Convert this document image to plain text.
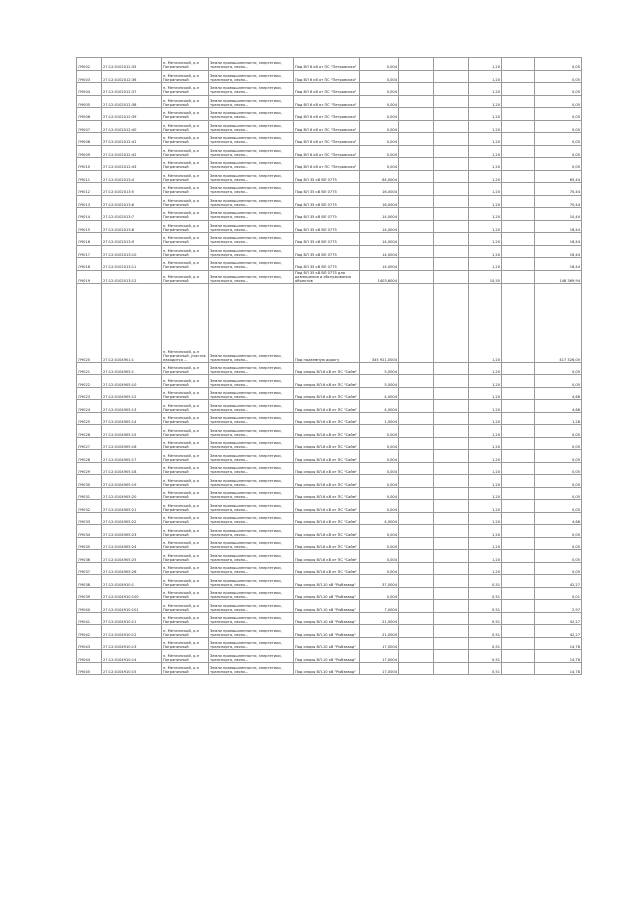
ЛЧ002	27:12:0102012:35	п. Метлинский, р-н Пограничный	Земли промышленности, энергетики, транспорта, связи...	Под ВЛ 6 кВ от ПС "Петровская"	0,004			1,20		0,05
ЛЧ003	27:12:0102012:36	п. Метлинский, р-н Пограничный	Земли промышленности, энергетики, транспорта, связи...	Под ВЛ 6 кВ от ПС "Петровская"	0,004			1,20		0,05
ЛЧ004	27:12:0102012:37	п. Метлинский, р-н Пограничный	Земли промышленности, энергетики, транспорта, связи...	Под ВЛ 6 кВ от ПС "Петровская"	0,004			1,20		0,05
ЛЧ005	27:12:0102012:38	п. Метлинский, р-н Пограничный	Земли промышленности, энергетики, транспорта, связи...	Под ВЛ 6 кВ от ПС "Петровская"	0,004			1,20		0,05
ЛЧ006	27:12:0102012:39	п. Метлинский, р-н Пограничный	Земли промышленности, энергетики, транспорта, связи...	Под ВЛ 6 кВ от ПС "Петровская"	0,004			1,20		0,05
ЛЧ007	27:12:0102012:40	п. Метлинский, р-н Пограничный	Земли промышленности, энергетики, транспорта, связи...	Под ВЛ 6 кВ от ПС "Петровская"	0,004			1,20		0,05
ЛЧ008	27:12:0102012:41	п. Метлинский, р-н Пограничный	Земли промышленности, энергетики, транспорта, связи...	Под ВЛ 6 кВ от ПС "Петровская"	0,004			1,20		0,05
ЛЧ009	27:12:0102012:42	п. Метлинский, р-н Пограничный	Земли промышленности, энергетики, транспорта, связи...	Под ВЛ 6 кВ от ПС "Петровская"	0,004			1,20		0,05
ЛЧ010	27:12:0102012:43	п. Метлинский, р-н Пограничный	Земли промышленности, энергетики, транспорта, связи...	Под ВЛ 6 кВ от ПС "Петровская"	0,004			1,20		0,05
ЛЧ011	27:12:0102013:4	п. Метлинский, р-н Пограничный	Земли промышленности, энергетики, транспорта, связи...	Под ВЛ 35 кВ ВЛ 0775	64,0004			1,20		65,44
ЛЧ012	27:12:0102013:5	п. Метлинский, р-н Пограничный	Земли промышленности, энергетики, транспорта, связи...	Под ВЛ 35 кВ ВЛ 0775	16,0004			1,20		70,44
ЛЧ013	27:12:0102013:6	п. Метлинский, р-н Пограничный	Земли промышленности, энергетики, транспорта, связи...	Под ВЛ 35 кВ ВЛ 0775	16,0004			1,20		70,44
ЛЧ014	27:12:0102013:7	п. Метлинский, р-н Пограничный	Земли промышленности, энергетики, транспорта, связи...	Под ВЛ 35 кВ ВЛ 0775	14,0004			1,20		10,44
ЛЧ015	27:12:0102013:8	п. Метлинский, р-н Пограничный	Земли промышленности, энергетики, транспорта, связи...	Под ВЛ 35 кВ ВЛ 0775	14,0004			1,20		16,44
ЛЧ016	27:12:0102013:9	п. Метлинский, р-н Пограничный	Земли промышленности, энергетики, транспорта, связи...	Под ВЛ 35 кВ ВЛ 0775	14,0004			1,20		16,44
ЛЧ017	27:12:0102013:10	п. Метлинский, р-н Пограничный	Земли промышленности, энергетики, транспорта, связи...	Под ВЛ 35 кВ ВЛ 0775	14,0004			1,20		16,44
ЛЧ018	27:12:0102013:11	п. Метлинский, р-н Пограничный	Земли промышленности, энергетики, транспорта, связи...	Под ВЛ 35 кВ ВЛ 0775	14,0004			1,20		16,44
ЛЧ019	27:12:0102013:12	п. Метлинский, р-н Пограничный	Земли промышленности, энергетики, транспорта, связи...	Под ВЛ 35 кВ ВЛ 0775 для размещения и обслуживания объектов	1403,6004			10,55		148 369,94
ЛЧ020	27:12:0104901:1	п. Метлинский, р-н Пограничный, участок находится ...	Земли промышленности, энергетики, транспорта, связи...	Под подземную дорогу	345 921,0004			1,20		417 326,00
ЛЧ021	27:12:0104905:1	п. Метлинский, р-н Пограничный	Земли промышленности, энергетики, транспорта, связи...	Под опоры ВЛ-6 кВ от ПС "Сайм"	5,0004			1,20		0,05
ЛЧ022	27:12:0104905:10	п. Метлинский, р-н Пограничный	Земли промышленности, энергетики, транспорта, связи...	Под опоры ВЛ-6 кВ от ПС "Сайм"	5,0004			1,20		0,05
ЛЧ023	27:12:0104905:12	п. Метлинский, р-н Пограничный	Земли промышленности, энергетики, транспорта, связи...	Под опоры ВЛ-6 кВ от ПС "Сайм"	4,0004			1,20		4,68
ЛЧ024	27:12:0104905:13	п. Метлинский, р-н Пограничный	Земли промышленности, энергетики, транспорта, связи...	Под опоры ВЛ-6 кВ от ПС "Сайм"	4,0004			1,20		4,68
ЛЧ025	27:12:0104905:14	п. Метлинский, р-н Пограничный	Земли промышленности, энергетики, транспорта, связи...	Под опоры ВЛ-6 кВ от ПС "Сайм"	1,0004			1,20		1,28
ЛЧ026	27:12:0104905:15	п. Метлинский, р-н Пограничный	Земли промышленности, энергетики, транспорта, связи...	Под опоры ВЛ-6 кВ от ПС "Сайм"	0,004			1,20		0,05
ЛЧ027	27:12:0104905:16	п. Метлинский, р-н Пограничный	Земли промышленности, энергетики, транспорта, связи...	Под опоры ВЛ-6 кВ от ПС "Сайм"	0,004			1,20		0,05
ЛЧ028	27:12:0104905:17	п. Метлинский, р-н Пограничный	Земли промышленности, энергетики, транспорта, связи...	Под опоры ВЛ-6 кВ от ПС "Сайм"	0,004			1,20		0,05
ЛЧ029	27:12:0104905:18	п. Метлинский, р-н Пограничный	Земли промышленности, энергетики, транспорта, связи...	Под опоры ВЛ-6 кВ от ПС "Сайм"	0,004			1,20		0,05
ЛЧ030	27:12:0104905:19	п. Метлинский, р-н Пограничный	Земли промышленности, энергетики, транспорта, связи...	Под опоры ВЛ-6 кВ от ПС "Сайм"	0,004			1,20		0,05
ЛЧ031	27:12:0104905:20	п. Метлинский, р-н Пограничный	Земли промышленности, энергетики, транспорта, связи...	Под опоры ВЛ-6 кВ от ПС "Сайм"	0,004			1,20		0,05
ЛЧ032	27:12:0104905:21	п. Метлинский, р-н Пограничный	Земли промышленности, энергетики, транспорта, связи...	Под опоры ВЛ-6 кВ от ПС "Сайм"	0,004			1,20		0,05
ЛЧ033	27:12:0104905:22	п. Метлинский, р-н Пограничный	Земли промышленности, энергетики, транспорта, связи...	Под опоры ВЛ-6 кВ от ПС "Сайм"	4,0004			1,20		4,68
ЛЧ034	27:12:0104905:23	п. Метлинский, р-н Пограничный	Земли промышленности, энергетики, транспорта, связи...	Под опоры ВЛ-6 кВ от ПС "Сайм"	0,004			1,20		0,05
ЛЧ035	27:12:0104905:24	п. Метлинский, р-н Пограничный	Земли промышленности, энергетики, транспорта, связи...	Под опоры ВЛ-6 кВ от ПС "Сайм"	0,004			1,20		0,05
ЛЧ036	27:12:0104905:25	п. Метлинский, р-н Пограничный	Земли промышленности, энергетики, транспорта, связи...	Под опоры ВЛ-6 кВ от ПС "Сайм"	0,004			1,20		0,05
ЛЧ037	27:12:0104905:26	п. Метлинский, р-н Пограничный	Земли промышленности, энергетики, транспорта, связи...	Под опоры ВЛ-6 кВ от ПС "Сайм"	0,004			1,20		0,05
ЛЧ038	27:12:0104910:1	п. Метлинский, р-н Пограничный	Земли промышленности, энергетики, транспорта, связи...	Под опоры ВЛ-10 кВ "Рыбзавод"	37,0004			0,51		42,27
ЛЧ039	27:12:0104910:100	п. Метлинский, р-н Пограничный	Земли промышленности, энергетики, транспорта, связи...	Под опоры ВЛ-10 кВ "Рыбзавод"	0,004			0,51		0,01
ЛЧ040	27:12:0104910:101	п. Метлинский, р-н Пограничный	Земли промышленности, энергетики, транспорта, связи...	Под опоры ВЛ-10 кВ "Рыбзавод"	7,0004			0,51		2,97
ЛЧ041	27:12:0104910:11	п. Метлинский, р-н Пограничный	Земли промышленности, энергетики, транспорта, связи...	Под опоры ВЛ-10 кВ "Рыбзавод"	21,0004			0,51		42,27
ЛЧ042	27:12:0104910:12	п. Метлинский, р-н Пограничный	Земли промышленности, энергетики, транспорта, связи...	Под опоры ВЛ-10 кВ "Рыбзавод"	21,0004			0,51		42,27
ЛЧ043	27:12:0104910:13	п. Метлинский, р-н Пограничный	Земли промышленности, энергетики, транспорта, связи...	Под опоры ВЛ-10 кВ "Рыбзавод"	17,0004			0,51		14,78
ЛЧ044	27:12:0104910:14	п. Метлинский, р-н Пограничный	Земли промышленности, энергетики, транспорта, связи...	Под опоры ВЛ-10 кВ "Рыбзавод"	17,0004			0,51		14,78
ЛЧ045	27:12:0104910:15	п. Метлинский, р-н Пограничный	Земли промышленности, энергетики, транспорта, связи...	Под опоры ВЛ-10 кВ "Рыбзавод"	17,0004			0,51		14,78
